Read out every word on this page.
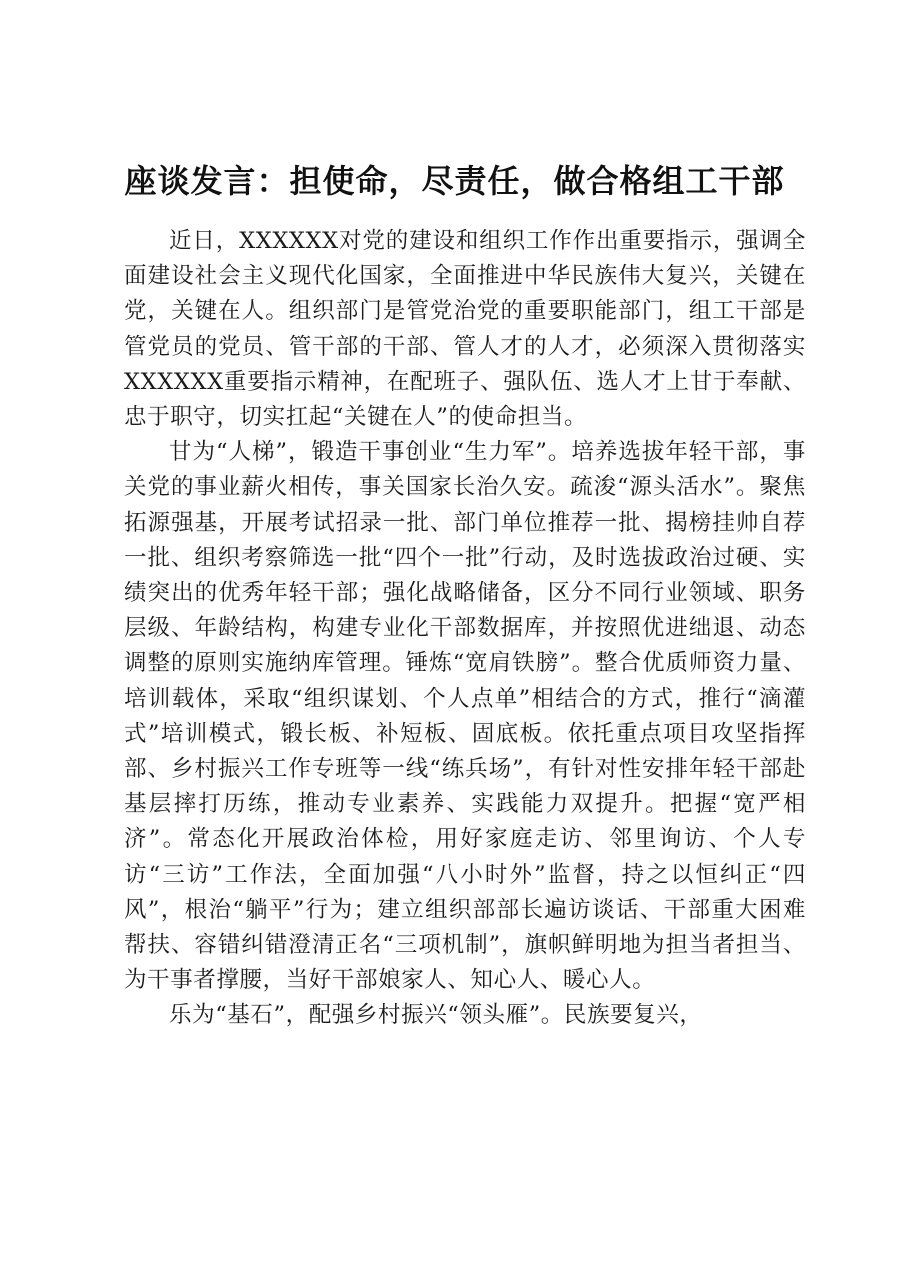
座谈发言：担使命，尽责任，做合格组工干部

近日，XXXXXX对党的建设和组织工作作出重要指示，强调全面建设社会主义现代化国家，全面推进中华民族伟大复兴，关键在党，关键在人。组织部门是管党治党的重要职能部门，组工干部是管党员的党员、管干部的干部、管人才的人才，必须深入贯彻落实XXXXXX重要指示精神，在配班子、强队伍、选人才上甘于奉献、忠于职守，切实扛起“关键在人”的使命担当。

甘为“人梯”，锻造干事创业“生力军”。培养选拔年轻干部，事关党的事业薪火相传，事关国家长治久安。疏浚“源头活水”。聚焦拓源强基，开展考试招录一批、部门单位推荐一批、揭榜挂帅自荐一批、组织考察筛选一批“四个一批”行动，及时选拔政治过硬、实绩突出的优秀年轻干部；强化战略储备，区分不同行业领域、职务层级、年龄结构，构建专业化干部数据库，并按照优进绌退、动态调整的原则实施纳库管理。锤炼“宽肩铁膀”。整合优质师资力量、培训载体，采取“组织谋划、个人点单”相结合的方式，推行“滴灌式”培训模式，锻长板、补短板、固底板。依托重点项目攻坚指挥部、乡村振兴工作专班等一线“练兵场”，有针对性安排年轻干部赴基层摔打历练，推动专业素养、实践能力双提升。把握“宽严相济”。常态化开展政治体检，用好家庭走访、邻里询访、个人专访“三访”工作法，全面加强“八小时外”监督，持之以恒纠正“四风”，根治“躺平”行为；建立组织部部长遍访谈话、干部重大困难帮扶、容错纠错澄清正名“三项机制”，旗帜鲜明地为担当者担当、为干事者撑腰，当好干部娘家人、知心人、暖心人。

乐为“基石”，配强乡村振兴“领头雁”。民族要复兴，
